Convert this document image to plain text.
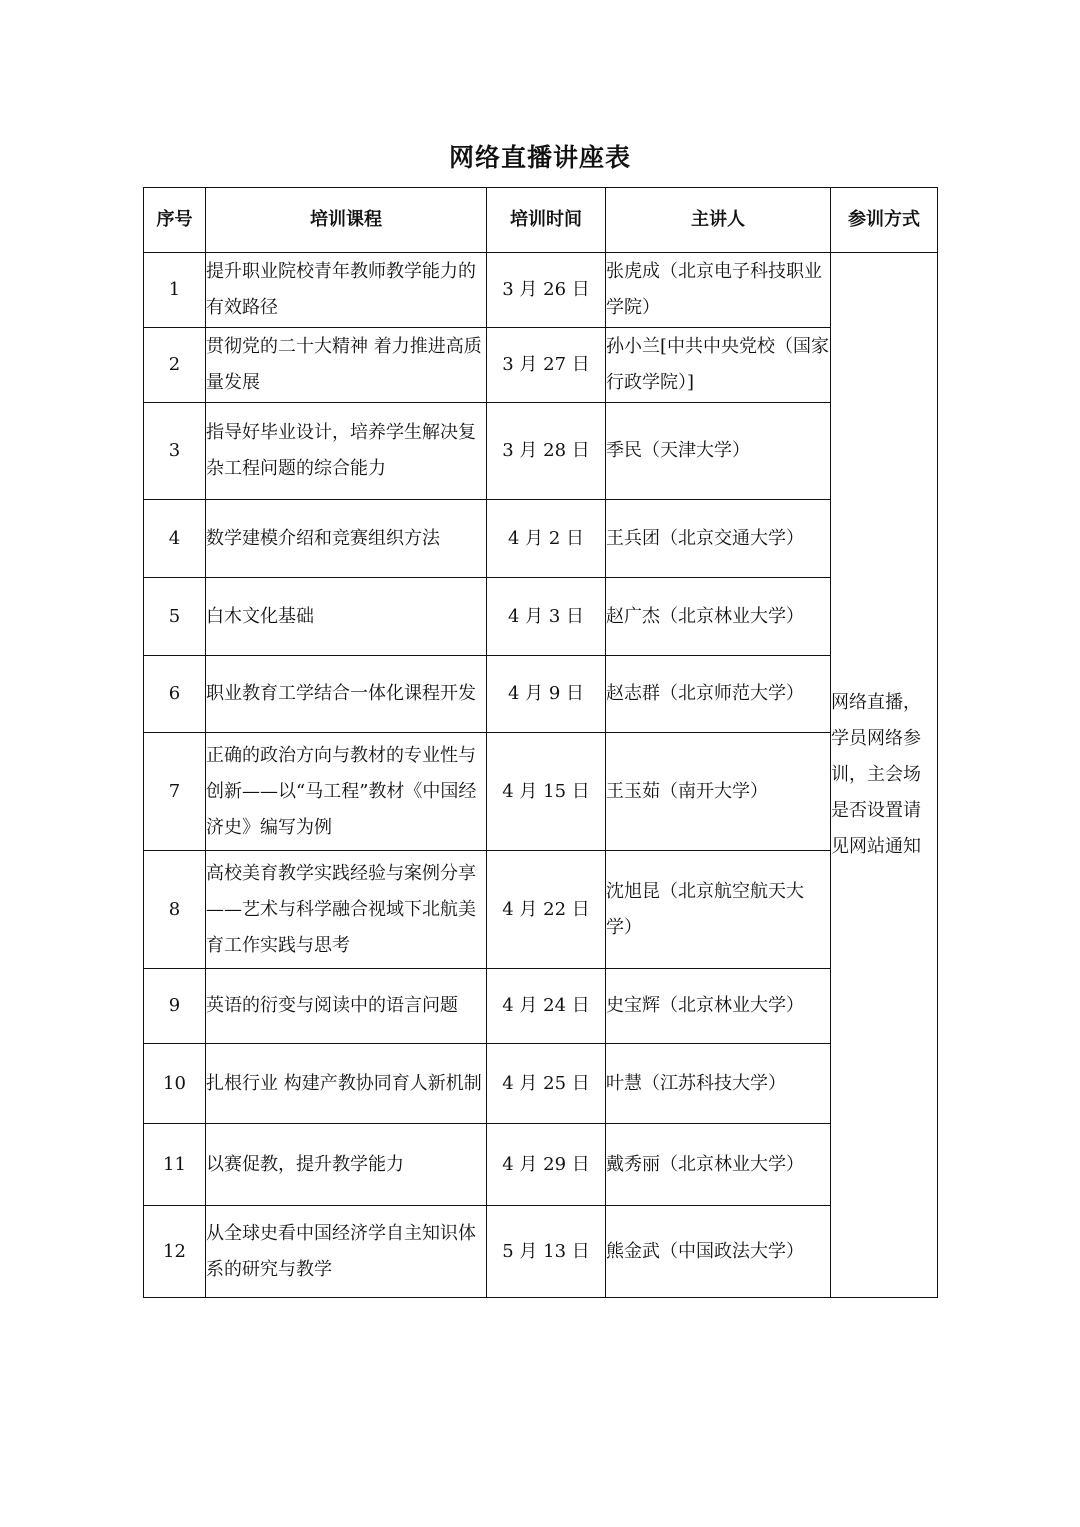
网络直播讲座表
序号	培训课程	培训时间	主讲人	参训方式
1	提升职业院校青年教师教学能力的有效路径	3 月 26 日	张虎成（北京电子科技职业学院）	网络直播，学员网络参训，主会场是否设置请见网站通知
2	贯彻党的二十大精神 着力推进高质量发展	3 月 27 日	孙小兰[中共中央党校（国家行政学院）]	
3	指导好毕业设计，培养学生解决复杂工程问题的综合能力	3 月 28 日	季民（天津大学）	
4	数学建模介绍和竞赛组织方法	4 月 2 日	王兵团（北京交通大学）	
5	白木文化基础	4 月 3 日	赵广杰（北京林业大学）	
6	职业教育工学结合一体化课程开发	4 月 9 日	赵志群（北京师范大学）	
7	正确的政治方向与教材的专业性与创新——以“马工程”教材《中国经济史》编写为例	4 月 15 日	王玉茹（南开大学）	
8	高校美育教学实践经验与案例分享——艺术与科学融合视域下北航美育工作实践与思考	4 月 22 日	沈旭昆（北京航空航天大学）	
9	英语的衍变与阅读中的语言问题	4 月 24 日	史宝辉（北京林业大学）	
10	扎根行业 构建产教协同育人新机制	4 月 25 日	叶慧（江苏科技大学）	
11	以赛促教，提升教学能力	4 月 29 日	戴秀丽（北京林业大学）	
12	从全球史看中国经济学自主知识体系的研究与教学	5 月 13 日	熊金武（中国政法大学）	
